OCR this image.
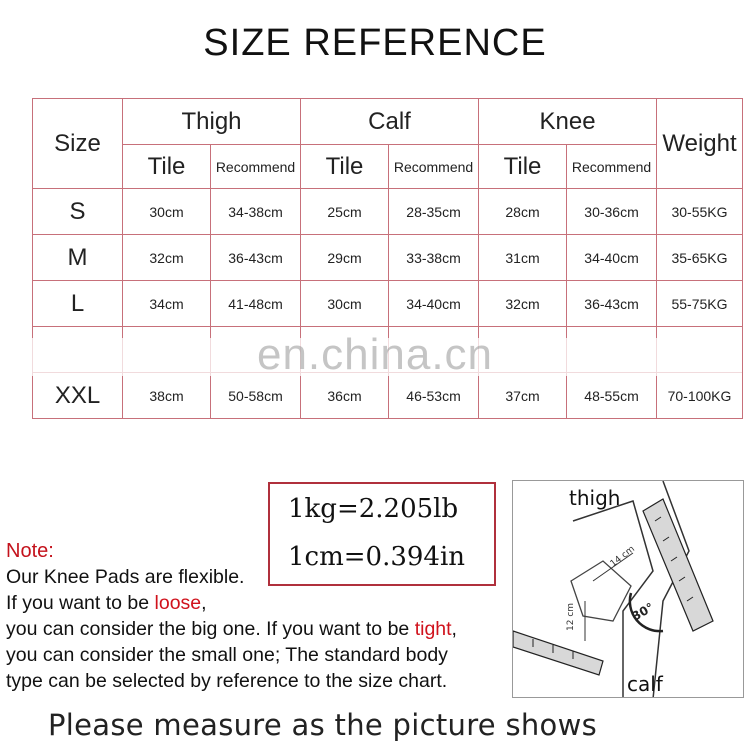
SIZE REFERENCE
Size	Thigh		Calf		Knee		Weight
	Tile	Recommend	Tile	Recommend	Tile	Recommend	
S	30cm	34-38cm	25cm	28-35cm	28cm	30-36cm	30-55KG
M	32cm	36-43cm	29cm	33-38cm	31cm	34-40cm	35-65KG
L	34cm	41-48cm	30cm	34-40cm	32cm	36-43cm	55-75KG

XXL	38cm	50-58cm	36cm	46-53cm	37cm	48-55cm	70-100KG
en.china.cn
1kg=2.205lb
1cm=0.394in
Note:
Our Knee Pads are flexible.
If you want to be loose,
you can consider the big one. If you want to be tight,
you can consider the small one; The standard body
type can be selected by reference to the size chart.
14 cm
12 cm	30°
thigh
calf
Please measure as the picture shows
